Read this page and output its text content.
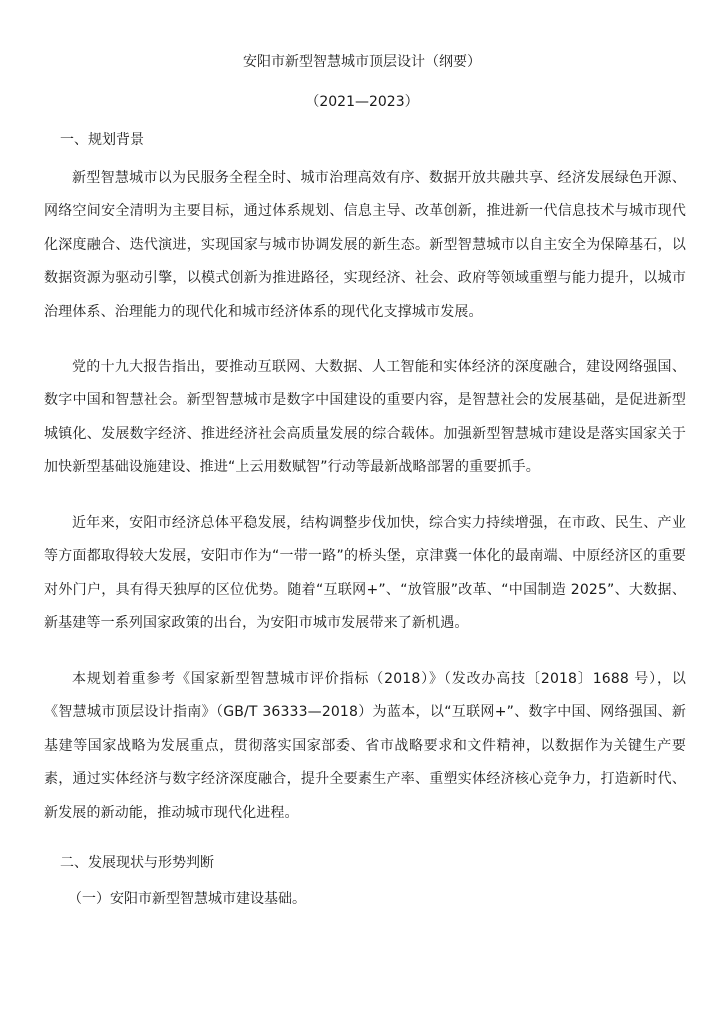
安阳市新型智慧城市顶层设计（纲要）
（2021—2023）
一、规划背景

新型智慧城市以为民服务全程全时、城市治理高效有序、数据开放共融共享、经济发展绿色开源、网络空间安全清明为主要目标，通过体系规划、信息主导、改革创新，推进新一代信息技术与城市现代化深度融合、迭代演进，实现国家与城市协调发展的新生态。新型智慧城市以自主安全为保障基石，以数据资源为驱动引擎，以模式创新为推进路径，实现经济、社会、政府等领域重塑与能力提升，以城市治理体系、治理能力的现代化和城市经济体系的现代化支撑城市发展。

党的十九大报告指出，要推动互联网、大数据、人工智能和实体经济的深度融合，建设网络强国、数字中国和智慧社会。新型智慧城市是数字中国建设的重要内容，是智慧社会的发展基础，是促进新型城镇化、发展数字经济、推进经济社会高质量发展的综合载体。加强新型智慧城市建设是落实国家关于加快新型基础设施建设、推进“上云用数赋智”行动等最新战略部署的重要抓手。

近年来，安阳市经济总体平稳发展，结构调整步伐加快，综合实力持续增强，在市政、民生、产业等方面都取得较大发展，安阳市作为“一带一路”的桥头堡，京津冀一体化的最南端、中原经济区的重要对外门户，具有得天独厚的区位优势。随着“互联网+”、“放管服”改革、“中国制造 2025”、大数据、新基建等一系列国家政策的出台，为安阳市城市发展带来了新机遇。

本规划着重参考《国家新型智慧城市评价指标（2018）》（发改办高技〔2018〕1688 号），以《智慧城市顶层设计指南》（GB/T 36333—2018）为蓝本，以“互联网+”、数字中国、网络强国、新基建等国家战略为发展重点，贯彻落实国家部委、省市战略要求和文件精神，以数据作为关键生产要素，通过实体经济与数字经济深度融合，提升全要素生产率、重塑实体经济核心竞争力，打造新时代、新发展的新动能，推动城市现代化进程。

二、发展现状与形势判断
（一）安阳市新型智慧城市建设基础。
